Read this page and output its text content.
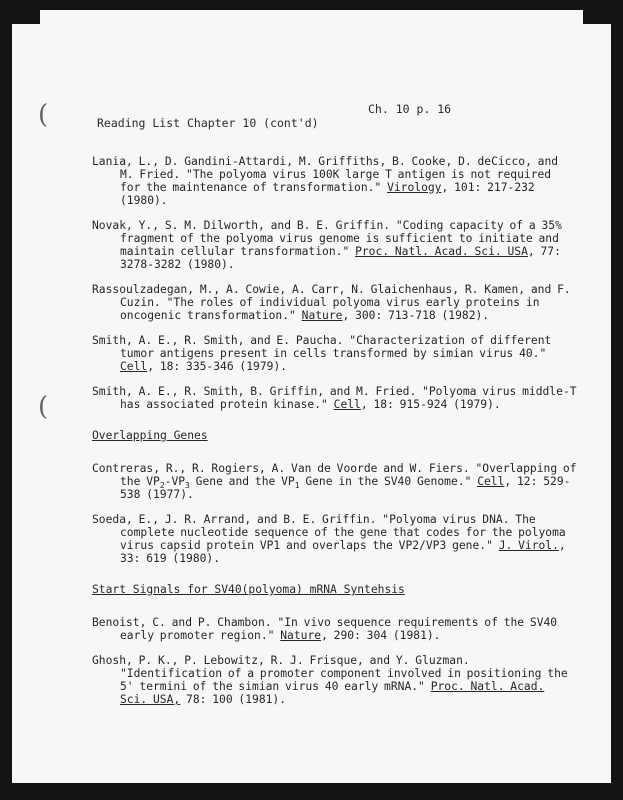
(
(
Ch. 10 p. 16
Reading List Chapter 10 (cont'd)

Lania, L., D. Gandini-Attardi, M. Griffiths, B. Cooke, D. deCicco, and M. Fried. "The polyoma virus 100K large T antigen is not required for the maintenance of transformation." Virology, 101: 217-232 (1980).

Novak, Y., S. M. Dilworth, and B. E. Griffin. "Coding capacity of a 35% fragment of the polyoma virus genome is sufficient to initiate and maintain cellular transformation." Proc. Natl. Acad. Sci. USA, 77: 3278-3282 (1980).

Rassoulzadegan, M., A. Cowie, A. Carr, N. Glaichenhaus, R. Kamen, and F. Cuzin. "The roles of individual polyoma virus early proteins in oncogenic transformation." Nature, 300: 713-718 (1982).

Smith, A. E., R. Smith, and E. Paucha. "Characterization of different tumor antigens present in cells transformed by simian virus 40." Cell, 18: 335-346 (1979).

Smith, A. E., R. Smith, B. Griffin, and M. Fried. "Polyoma virus middle-T has associated protein kinase." Cell, 18: 915-924 (1979).

Overlapping Genes

Contreras, R., R. Rogiers, A. Van de Voorde and W. Fiers. "Overlapping of the $VP_2-VP_3$ Gene and the $VP_1$ Gene in the SV40 Genome." Cell, 12: 529-538 (1977).

Soeda, E., J. R. Arrand, and B. E. Griffin. "Polyoma virus DNA. The complete nucleotide sequence of the gene that codes for the polyoma virus capsid protein VP1 and overlaps the VP2/VP3 gene." J. Virol., 33: 619 (1980).

Start Signals for SV40(polyoma) mRNA Syntehsis

Benoist, C. and P. Chambon. "In vivo sequence requirements of the SV40 early promoter region." Nature, 290: 304 (1981).

Ghosh, P. K., P. Lebowitz, R. J. Frisque, and Y. Gluzman. "Identification of a promoter component involved in positioning the 5' termini of the simian virus 40 early mRNA." Proc. Natl. Acad. Sci. USA, 78: 100 (1981).
